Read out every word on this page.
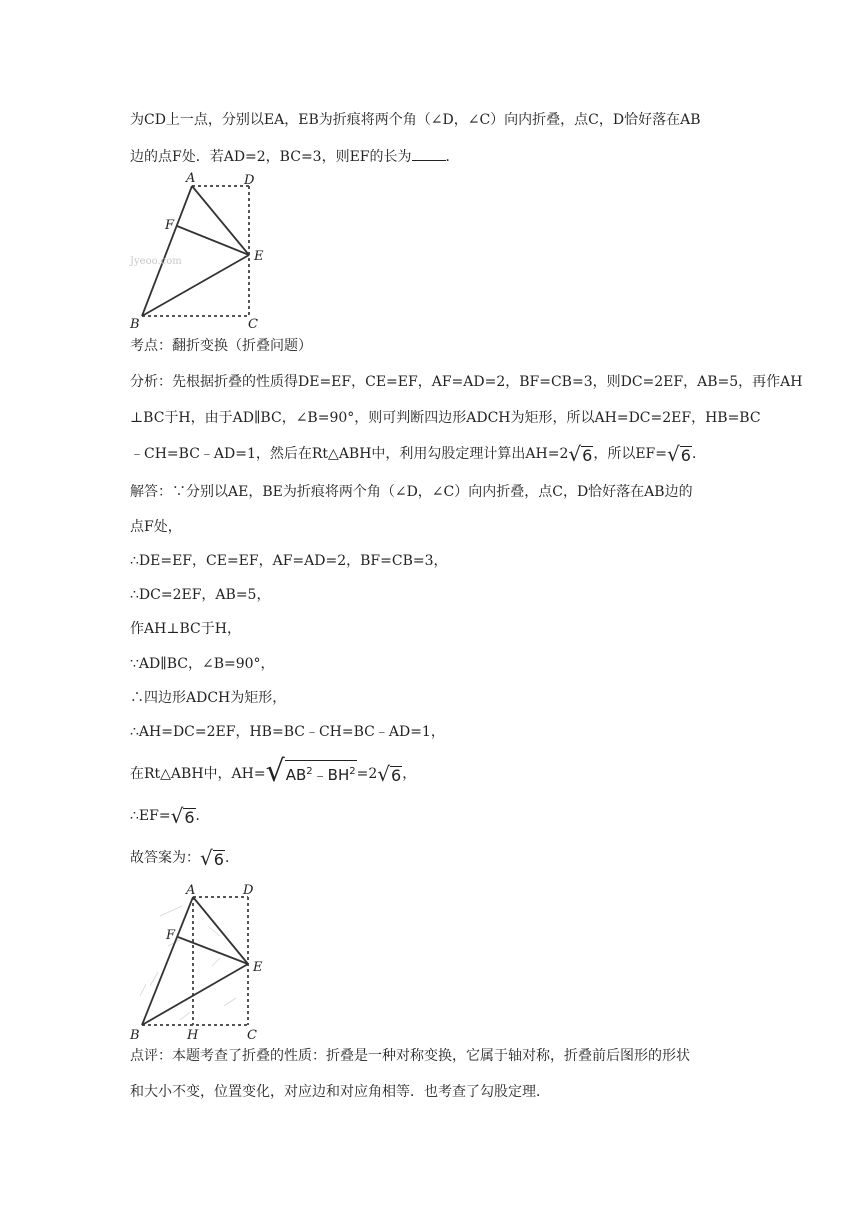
为CD上一点，分别以EA，EB为折痕将两个角（∠D，∠C）向内折叠，点C，D恰好落在AB
边的点F处．若AD=2，BC=3，则EF的长为 ．
Jyeoo.com
A	D
F
E
B	C
考点：翻折变换（折叠问题）
分析：先根据折叠的性质得DE=EF，CE=EF，AF=AD=2，BF=CB=3，则DC=2EF，AB=5，再作AH
⊥BC于H，由于AD∥BC，∠B=90°，则可判断四边形ADCH为矩形，所以AH=DC=2EF，HB=BC
﹣CH=BC﹣AD=1，然后在Rt△ABH中，利用勾股定理计算出AH=2 √ 6 ，所以EF= √ 6 ．
解答：∵分别以AE，BE为折痕将两个角（∠D，∠C）向内折叠，点C，D恰好落在AB边的
点F处，
∴DE=EF，CE=EF，AF=AD=2，BF=CB=3，
∴DC=2EF，AB=5，
作AH⊥BC于H，
∵AD∥BC，∠B=90°，
∴四边形ADCH为矩形，
∴AH=DC=2EF，HB=BC﹣CH=BC﹣AD=1，
在Rt△ABH中，AH= √ $AB^2﹣BH^2 =2$ √ 6 ，
∴EF= √ 6 ．
故答案为： √ 6 ．
A	D
F
E
B	H	C
点评：本题考查了折叠的性质：折叠是一种对称变换，它属于轴对称，折叠前后图形的形状
和大小不变，位置变化，对应边和对应角相等．也考查了勾股定理．
